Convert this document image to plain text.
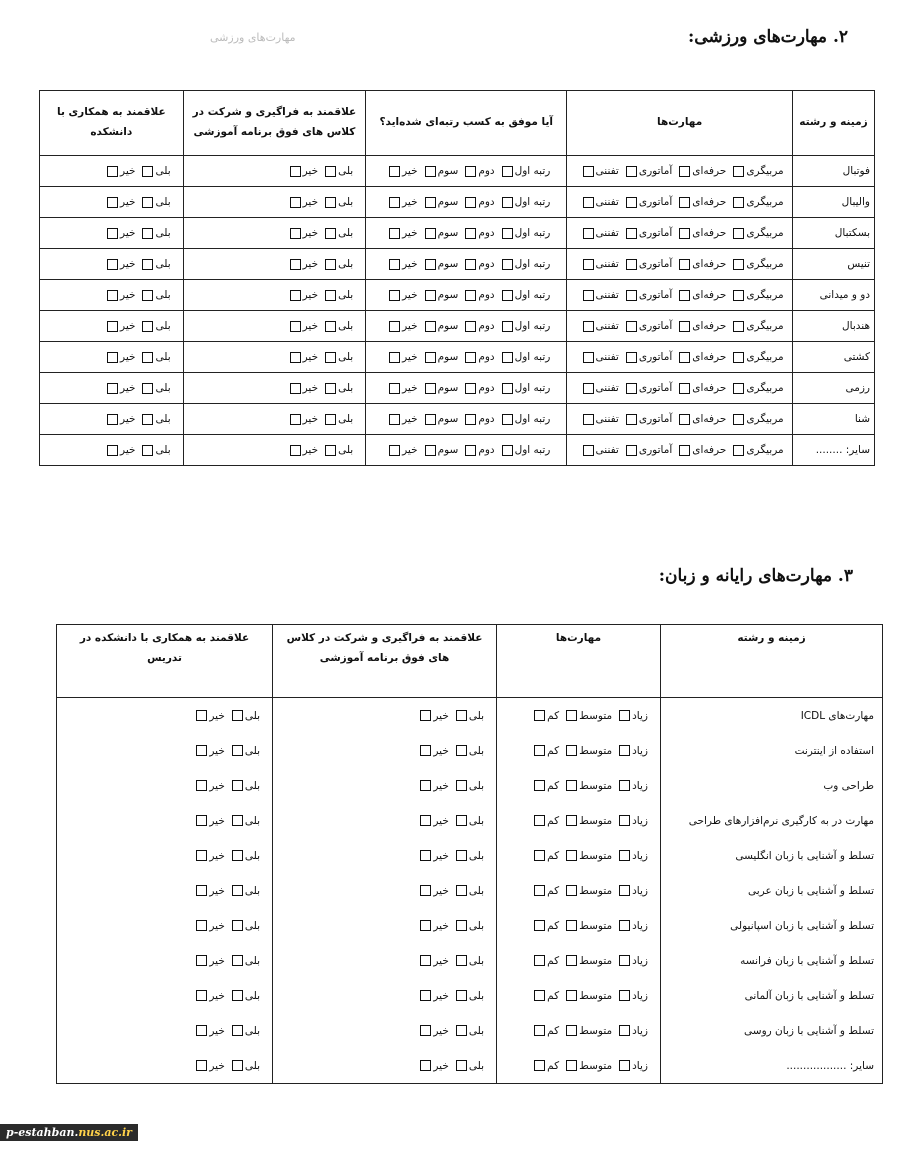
۲. مهارت‌های ورزشی:
مهارت‌های ورزشی
زمینه و رشته	مهارت‌ها	آیا موفق به کسب رتبه‌ای شده‌اید؟	علاقمند به فراگیری و شرکت در کلاس های فوق برنامه آموزشی	علاقمند به همکاری با دانشکده
فوتبال	مربیگریحرفه‌ایآماتوریتفننی	رتبه اولدومسومخیر	بلیخیر	بلیخیر
والیبال	مربیگریحرفه‌ایآماتوریتفننی	رتبه اولدومسومخیر	بلیخیر	بلیخیر
بسکتبال	مربیگریحرفه‌ایآماتوریتفننی	رتبه اولدومسومخیر	بلیخیر	بلیخیر
تنیس	مربیگریحرفه‌ایآماتوریتفننی	رتبه اولدومسومخیر	بلیخیر	بلیخیر
دو و میدانی	مربیگریحرفه‌ایآماتوریتفننی	رتبه اولدومسومخیر	بلیخیر	بلیخیر
هندبال	مربیگریحرفه‌ایآماتوریتفننی	رتبه اولدومسومخیر	بلیخیر	بلیخیر
کشتی	مربیگریحرفه‌ایآماتوریتفننی	رتبه اولدومسومخیر	بلیخیر	بلیخیر
رزمی	مربیگریحرفه‌ایآماتوریتفننی	رتبه اولدومسومخیر	بلیخیر	بلیخیر
شنا	مربیگریحرفه‌ایآماتوریتفننی	رتبه اولدومسومخیر	بلیخیر	بلیخیر
سایر: ........	مربیگریحرفه‌ایآماتوریتفننی	رتبه اولدومسومخیر	بلیخیر	بلیخیر
۳. مهارت‌های رایانه و زبان:
زمینه و رشته	مهارت‌ها	علاقمند به فراگیری و شرکت در کلاس های فوق برنامه آموزشی	علاقمند به همکاری با دانشکده در تدریس
مهارت‌های ICDL	زیادمتوسطکم	بلیخیر	بلیخیر
استفاده از اینترنت	زیادمتوسطکم	بلیخیر	بلیخیر
طراحی وب	زیادمتوسطکم	بلیخیر	بلیخیر
مهارت در به کارگیری نرم‌افزارهای طراحی	زیادمتوسطکم	بلیخیر	بلیخیر
تسلط و آشنایی با زبان انگلیسی	زیادمتوسطکم	بلیخیر	بلیخیر
تسلط و آشنایی با زبان عربی	زیادمتوسطکم	بلیخیر	بلیخیر
تسلط و آشنایی با زبان اسپانیولی	زیادمتوسطکم	بلیخیر	بلیخیر
تسلط و آشنایی با زبان فرانسه	زیادمتوسطکم	بلیخیر	بلیخیر
تسلط و آشنایی با زبان آلمانی	زیادمتوسطکم	بلیخیر	بلیخیر
تسلط و آشنایی با زبان روسی	زیادمتوسطکم	بلیخیر	بلیخیر
سایر: ..................	زیادمتوسطکم	بلیخیر	بلیخیر
p-estahban.nus.ac.ir
